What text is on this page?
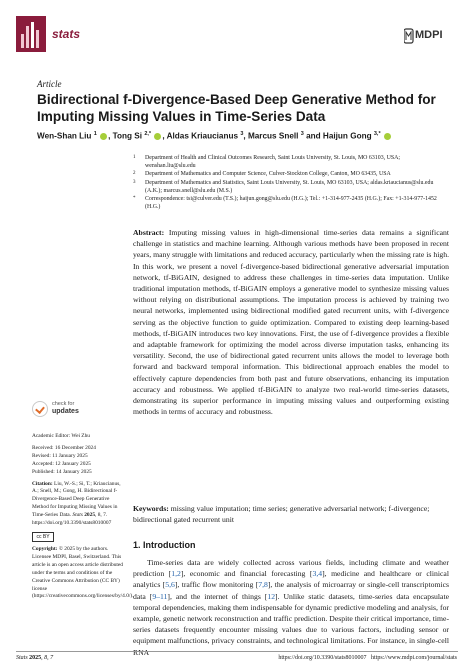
stats	MDPI
Article
Bidirectional f-Divergence-Based Deep Generative Method for Imputing Missing Values in Time-Series Data
Wen-Shan Liu $^1$ , Tong Si $^{2,*}$ , Aldas Kriaucianus $^3$, Marcus Snell $^3$ and Haijun Gong $^{3,*}$
1 Department of Health and Clinical Outcomes Research, Saint Louis University, St. Louis, MO 63103, USA; wenshan.liu@slu.edu
2 Department of Mathematics and Computer Science, Culver-Stockton College, Canton, MO 63435, USA
3 Department of Mathematics and Statistics, Saint Louis University, St. Louis, MO 63103, USA; aldas.kriaucianus@slu.edu (A.K.); marcus.snell@slu.edu (M.S.)
* Correspondence: tsi@culver.edu (T.S.); haijun.gong@slu.edu (H.G.); Tel.: +1-314-977-2435 (H.G.); Fax: +1-314-977-1452 (H.G.)
Abstract: Imputing missing values in high-dimensional time-series data remains a significant challenge in statistics and machine learning. Although various methods have been proposed in recent years, many struggle with limitations and reduced accuracy, particularly when the missing rate is high. In this work, we present a novel f-divergence-based bidirectional generative adversarial imputation network, tf-BiGAIN, designed to address these challenges in time-series data imputation. Unlike traditional imputation methods, tf-BiGAIN employs a generative model to synthesize missing values without relying on distributional assumptions. The imputation process is achieved by training two neural networks, implemented using bidirectional modified gated recurrent units, with f-divergence serving as the objective function to guide optimization. Compared to existing deep learning-based methods, tf-BiGAIN introduces two key innovations. First, the use of f-divergence provides a flexible and adaptable framework for optimizing the model across diverse imputation tasks, enhancing its versatility. Second, the use of bidirectional gated recurrent units allows the model to leverage both forward and backward temporal information. This bidirectional approach enables the model to effectively capture dependencies from both past and future observations, enhancing its imputation accuracy and robustness. We applied tf-BiGAIN to analyze two real-world time-series datasets, demonstrating its superior performance in imputing missing values and outperforming existing methods in terms of accuracy and robustness.
Keywords: missing value imputation; time series; generative adversarial network; f-divergence; bidirectional gated recurrent unit
1. Introduction
Time-series data are widely collected across various fields, including climate and weather prediction [1,2], economic and financial forecasting [3,4], medicine and healthcare or clinical analytics [5,6], traffic flow monitoring [7,8], the analysis of microarray or single-cell transcriptomics data [9–11], and the internet of things [12]. Unlike static datasets, time-series data encapsulate temporal dependencies, making them indispensable for dynamic predictive modeling and analysis, for example, genetic network reconstruction and traffic prediction. Despite their critical importance, time-series datasets frequently encounter missing values due to various factors, including sensor or equipment malfunctions, privacy constraints, and technological limitations. For instance, in single-cell RNA
check for
updates

Academic Editor: Wei Zhu

Received: 16 December 2024
Revised: 11 January 2025
Accepted: 12 January 2025
Published: 14 January 2025

Citation: Liu, W.-S.; Si, T.; Kriaucianus, A.; Snell, M.; Gong, H. Bidirectional f-Divergence-Based Deep Generative Method for Imputing Missing Values in Time-Series Data. Stats 2025, 8, 7. https://doi.org/10.3390/stats8010007

cc BY

Copyright: © 2025 by the authors. Licensee MDPI, Basel, Switzerland. This article is an open access article distributed under the terms and conditions of the Creative Commons Attribution (CC BY) license (https://creativecommons.org/licenses/by/4.0/).

Stats 2025, 8, 7	https://doi.org/10.3390/stats8010007 https://www.mdpi.com/journal/stats
